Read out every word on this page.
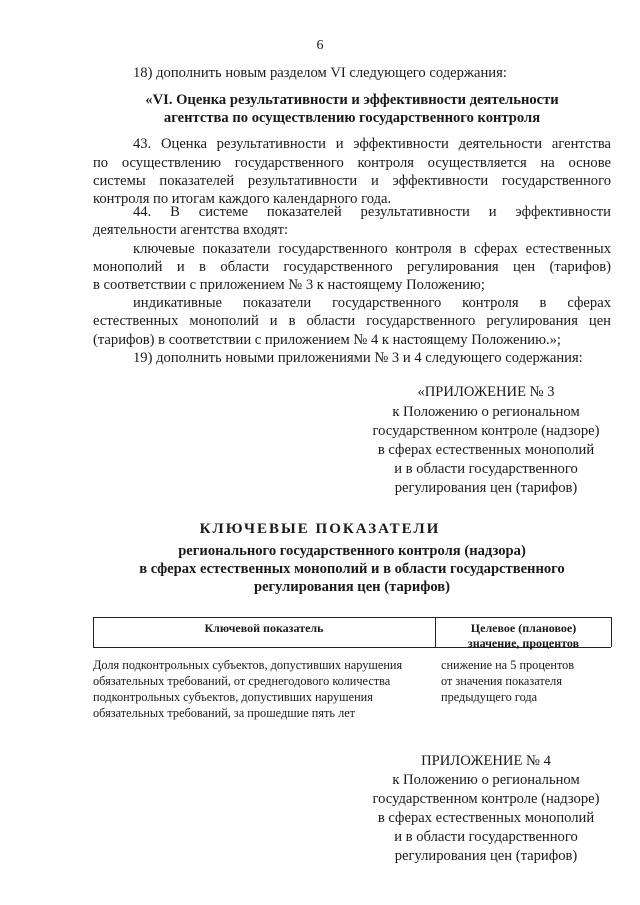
6
18) дополнить новым разделом VI следующего содержания:
«VI. Оценка результативности и эффективности деятельности
агентства по осуществлению государственного контроля
43. Оценка результативности и эффективности деятельности агентства
по осуществлению государственного контроля осуществляется на основе
системы показателей результативности и эффективности государственного
контроля по итогам каждого календарного года.
44. В системе показателей результативности и эффективности
деятельности агентства входят:
ключевые показатели государственного контроля в сферах естественных
монополий и в области государственного регулирования цен (тарифов)
в соответствии с приложением № 3 к настоящему Положению;
индикативные показатели государственного контроля в сферах
естественных монополий и в области государственного регулирования цен
(тарифов) в соответствии с приложением № 4 к настоящему Положению.»;
19) дополнить новыми приложениями № 3 и 4 следующего содержания:
«ПРИЛОЖЕНИЕ № 3
к Положению о региональном
государственном контроле (надзоре)
в сферах естественных монополий
и в области государственного
регулирования цен (тарифов)
КЛЮЧЕВЫЕ ПОКАЗАТЕЛИ
регионального государственного контроля (надзора)
в сферах естественных монополий и в области государственного
регулирования цен (тарифов)
Ключевой показатель	Целевое (плановое)
значение, процентов
Доля подконтрольных субъектов, допустивших нарушения
обязательных требований, от среднегодового количества
подконтрольных субъектов, допустивших нарушения
обязательных требований, за прошедшие пять лет
снижение на 5 процентов
от значения показателя
предыдущего года
ПРИЛОЖЕНИЕ № 4
к Положению о региональном
государственном контроле (надзоре)
в сферах естественных монополий
и в области государственного
регулирования цен (тарифов)
